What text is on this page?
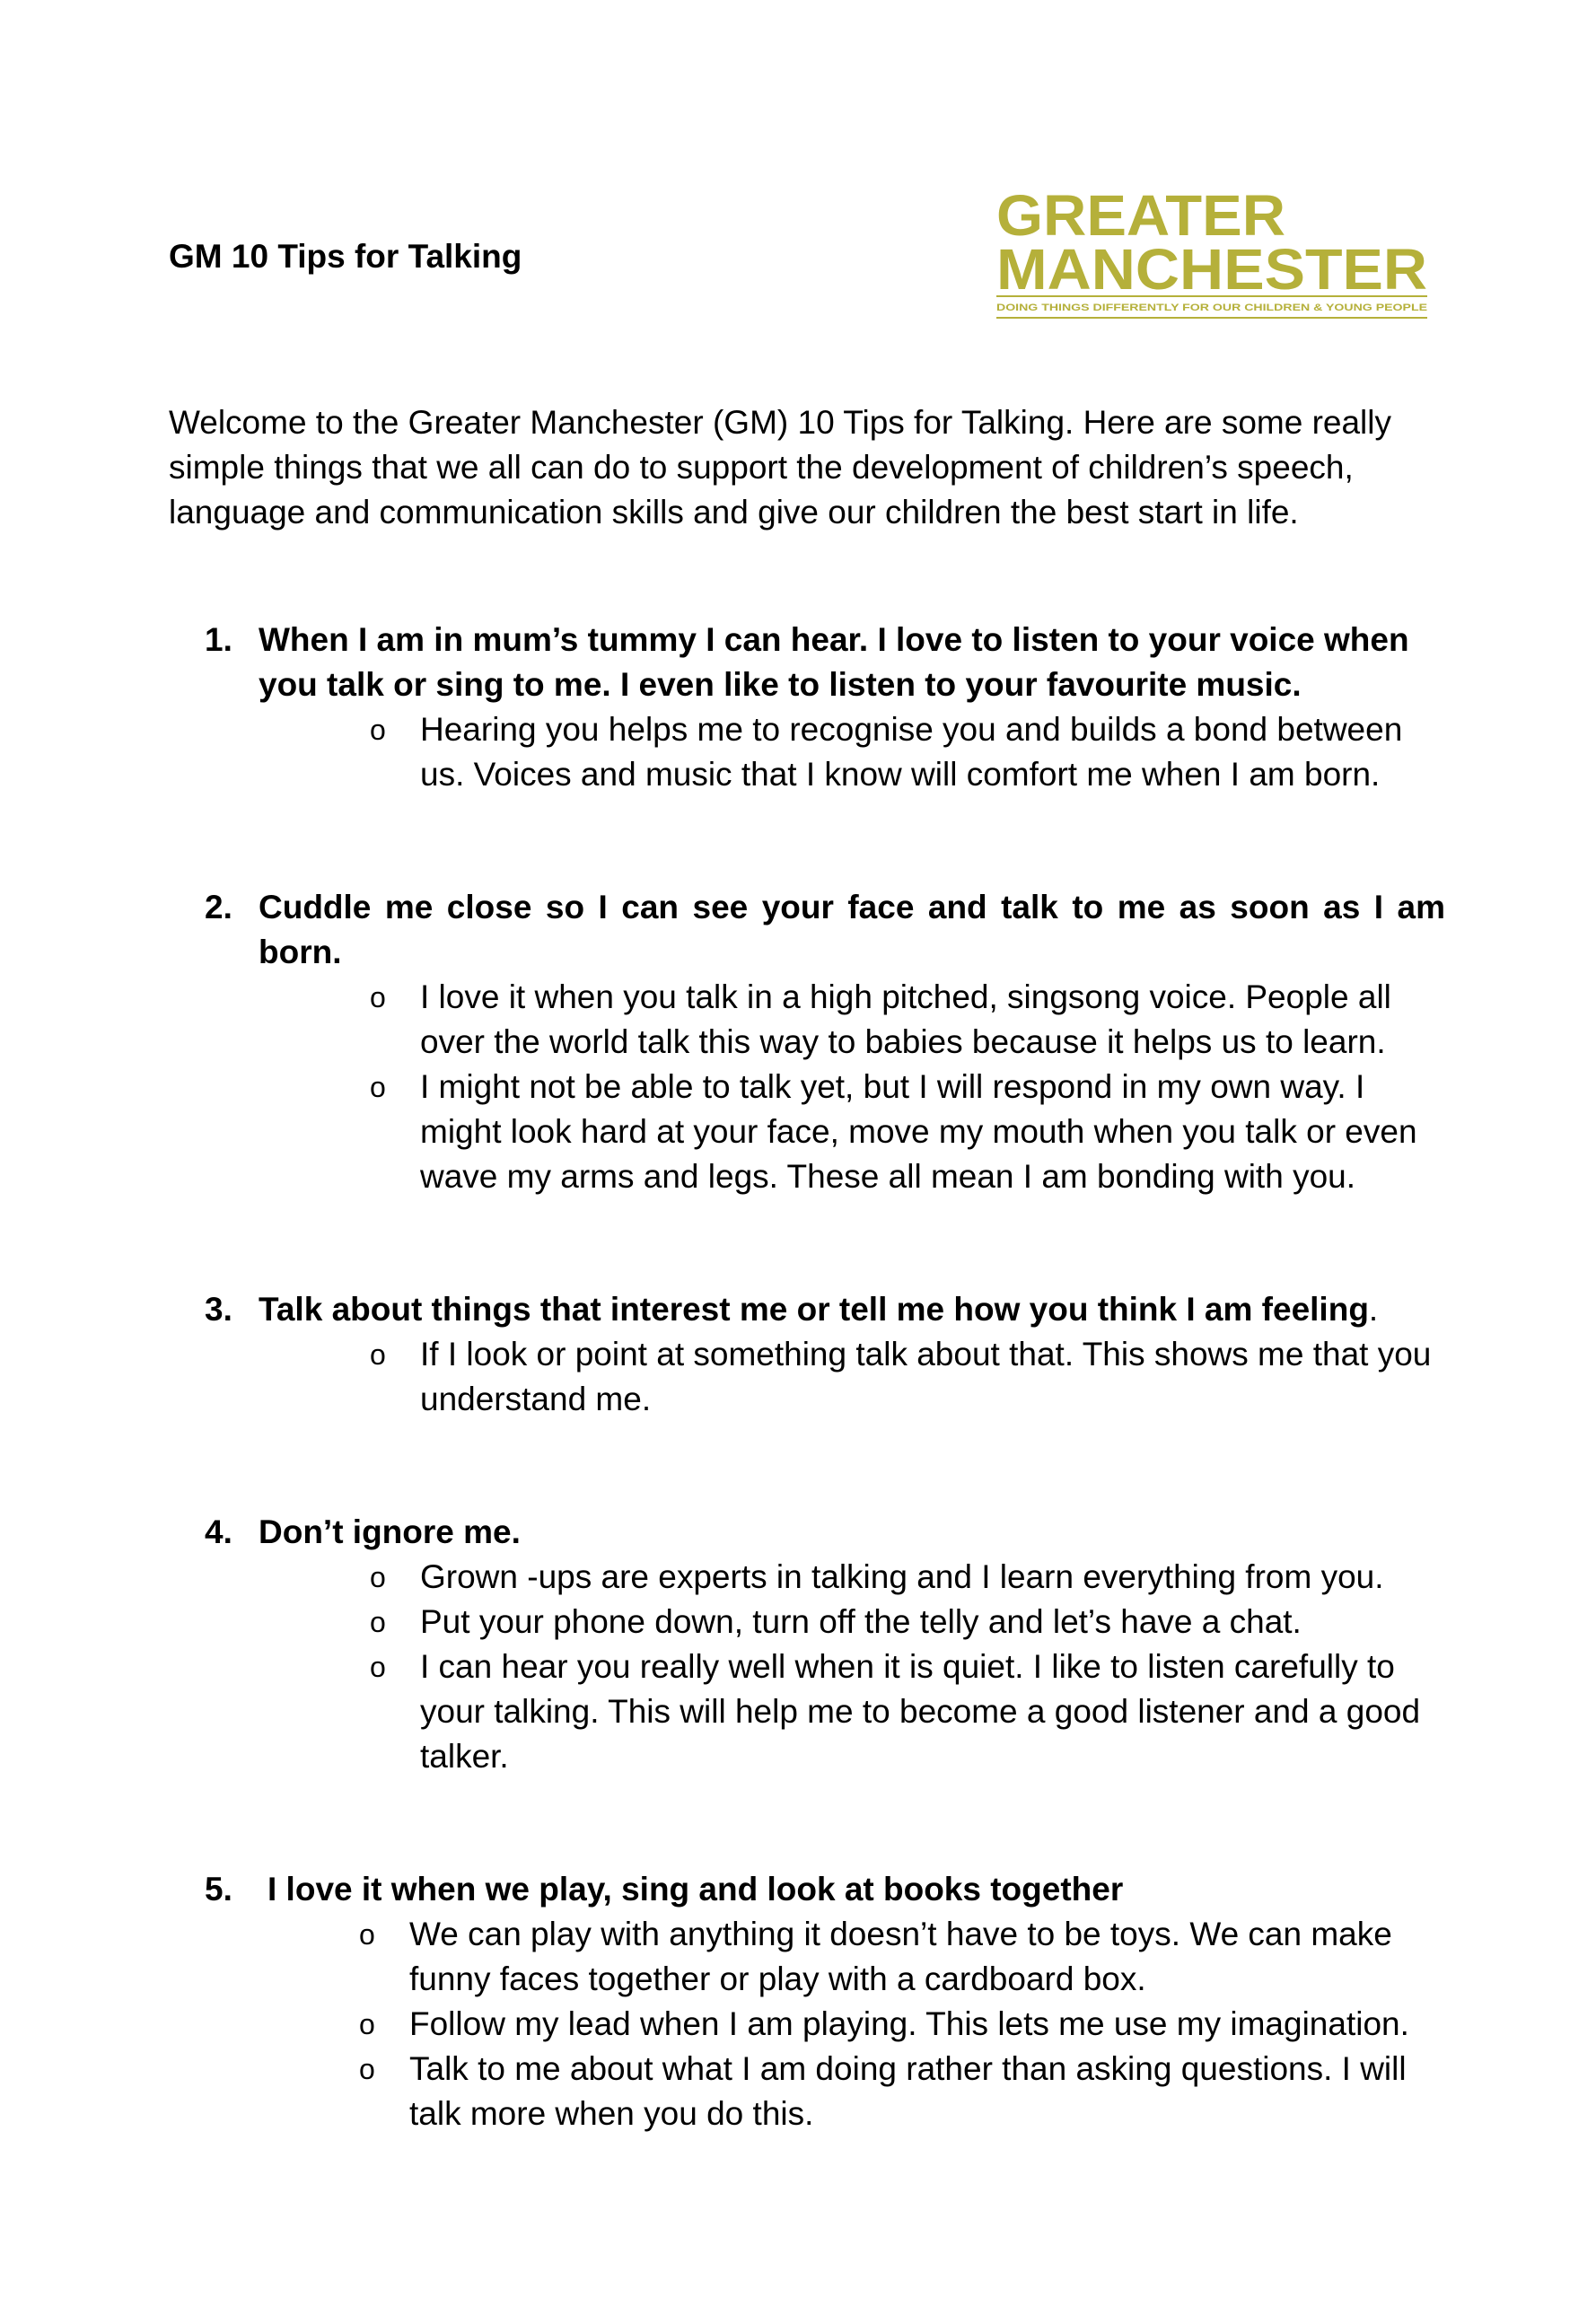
GM 10 Tips for Talking
GREATER
MANCHESTER
DOING THINGS DIFFERENTLY FOR OUR CHILDREN & YOUNG PEOPLE

Welcome to the Greater Manchester (GM) 10 Tips for Talking. Here are some really simple things that we all can do to support the development of children’s speech, language and communication skills and give our children the best start in life.

1. When I am in mum’s tummy I can hear. I love to listen to your voice when you talk or sing to me. I even like to listen to your favourite music.
o Hearing you helps me to recognise you and builds a bond between us. Voices and music that I know will comfort me when I am born.
2. Cuddle me close so I can see your face and talk to me as soon as I am born.
o I love it when you talk in a high pitched, singsong voice. People all over the world talk this way to babies because it helps us to learn.
o I might not be able to talk yet, but I will respond in my own way. I might look hard at your face, move my mouth when you talk or even wave my arms and legs. These all mean I am bonding with you.
3. Talk about things that interest me or tell me how you think I am feeling.
o If I look or point at something talk about that. This shows me that you understand me.
4. Don’t ignore me.
o Grown -ups are experts in talking and I learn everything from you.
o Put your phone down, turn off the telly and let’s have a chat.
o I can hear you really well when it is quiet. I like to listen carefully to your talking. This will help me to become a good listener and a good talker.
5. I love it when we play, sing and look at books together
o We can play with anything it doesn’t have to be toys. We can make funny faces together or play with a cardboard box.
o Follow my lead when I am playing. This lets me use my imagination.
o Talk to me about what I am doing rather than asking questions. I will talk more when you do this.
